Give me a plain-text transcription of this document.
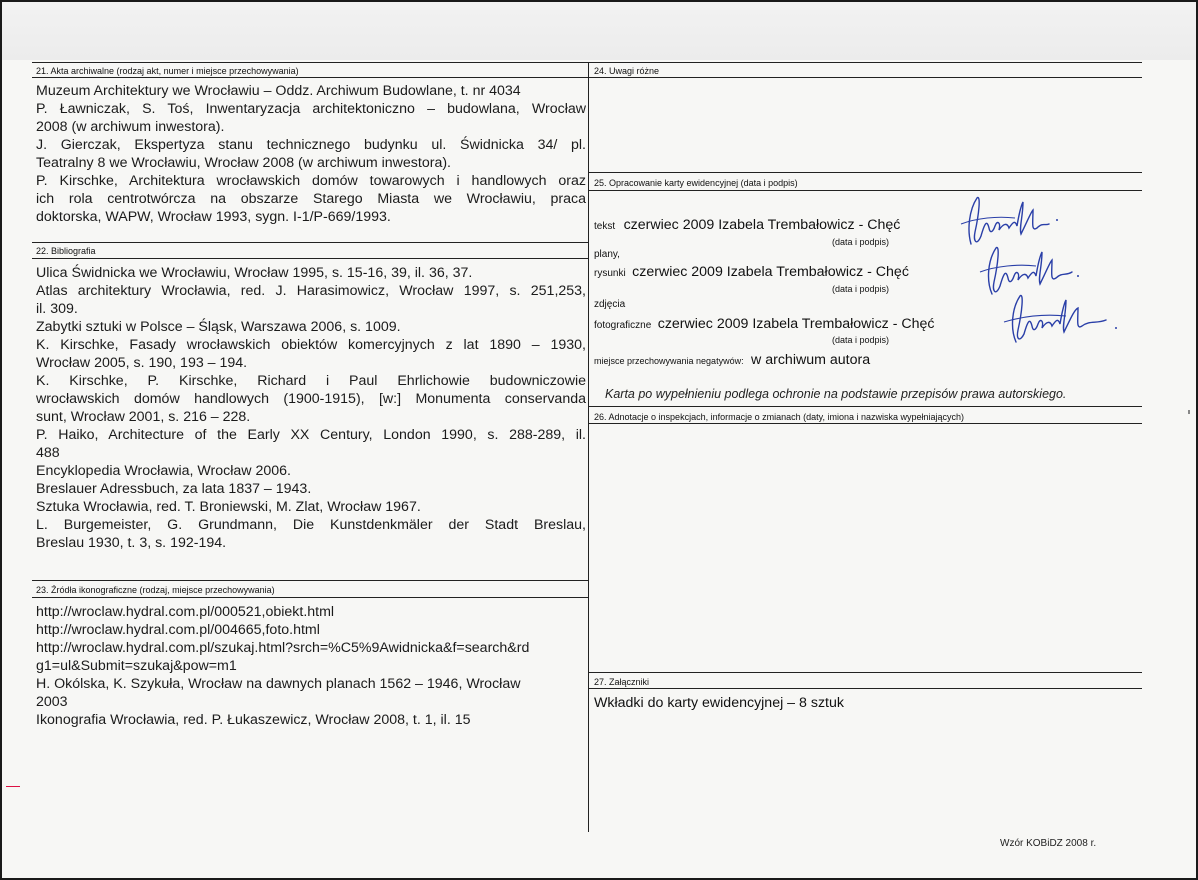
21. Akta archiwalne (rodzaj akt, numer i miejsce przechowywania)
Muzeum Architektury we Wrocławiu – Oddz. Archiwum Budowlane, t. nr 4034
P. Ławniczak, S. Toś, Inwentaryzacja architektoniczno – budowlana, Wrocław
2008 (w archiwum inwestora).
J. Gierczak, Ekspertyza stanu technicznego budynku ul. Świdnicka 34/ pl.
Teatralny 8 we Wrocławiu, Wrocław 2008 (w archiwum inwestora).
P. Kirschke, Architektura wrocławskich domów towarowych i handlowych oraz
ich rola centrotwórcza na obszarze Starego Miasta we Wrocławiu, praca
doktorska, WAPW, Wrocław 1993, sygn. I-1/P-669/1993.
22. Bibliografia
Ulica Świdnicka we Wrocławiu, Wrocław 1995, s. 15-16, 39, il. 36, 37.
Atlas architektury Wrocławia, red. J. Harasimowicz, Wrocław 1997, s. 251,253,
il. 309.
Zabytki sztuki w Polsce – Śląsk, Warszawa 2006, s. 1009.
K. Kirschke, Fasady wrocławskich obiektów komercyjnych z lat 1890 – 1930,
Wrocław 2005, s. 190, 193 – 194.
K. Kirschke, P. Kirschke, Richard i Paul Ehrlichowie budowniczowie
wrocławskich domów handlowych (1900-1915), [w:] Monumenta conservanda
sunt, Wrocław 2001, s. 216 – 228.
P. Haiko, Architecture of the Early XX Century, London 1990, s. 288-289, il.
488
Encyklopedia Wrocławia, Wrocław 2006.
Breslauer Adressbuch, za lata 1837 – 1943.
Sztuka Wrocławia, red. T. Broniewski, M. Zlat, Wrocław 1967.
L. Burgemeister, G. Grundmann, Die Kunstdenkmäler der Stadt Breslau,
Breslau 1930, t. 3, s. 192-194.
23. Źródła ikonograficzne (rodzaj, miejsce przechowywania)
http://wroclaw.hydral.com.pl/000521,obiekt.html
http://wroclaw.hydral.com.pl/004665,foto.html
http://wroclaw.hydral.com.pl/szukaj.html?srch=%C5%9Awidnicka&f=search&rd
g1=ul&Submit=szukaj&pow=m1
H. Okólska, K. Szykuła, Wrocław na dawnych planach 1562 – 1946, Wrocław
2003
Ikonografia Wrocławia, red. P. Łukaszewicz, Wrocław 2008, t. 1, il. 15
24. Uwagi różne
25. Opracowanie karty ewidencyjnej (data i podpis)
tekst czerwiec 2009 Izabela Trembałowicz - Chęć
(data i podpis)
plany,
rysunki czerwiec 2009 Izabela Trembałowicz - Chęć
(data i podpis)
zdjęcia
fotograficzne czerwiec 2009 Izabela Trembałowicz - Chęć
(data i podpis)
miejsce przechowywania negatywów: w archiwum autora
Karta po wypełnieniu podlega ochronie na podstawie przepisów prawa autorskiego.
26. Adnotacje o inspekcjach, informacje o zmianach (daty, imiona i nazwiska wypełniających)
27. Załączniki
Wkładki do karty ewidencyjnej – 8 sztuk
Wzór KOBiDZ 2008 r.
